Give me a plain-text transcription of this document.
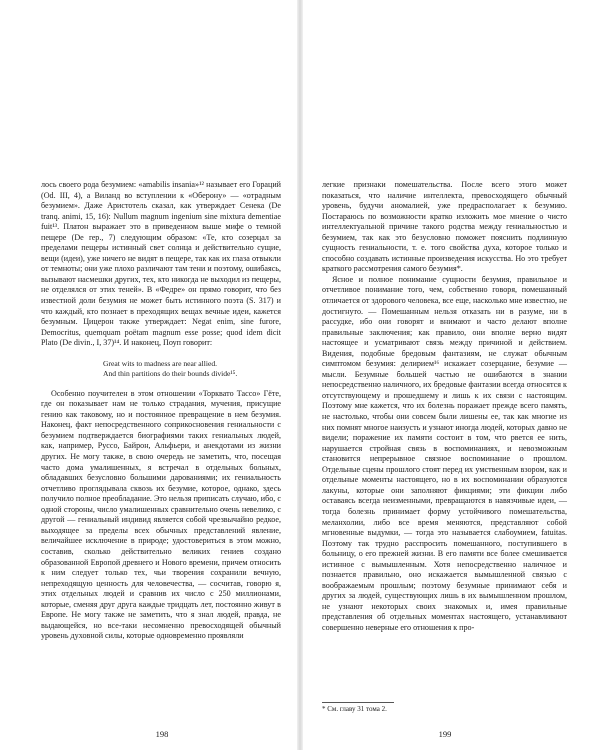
лось своего рода безумием: «amabilis insania»¹² называет его Гораций (Od. III, 4), а Виланд во вступлении к «Оберону» — «отрадным безумием». Даже Аристотель сказал, как утверждает Сенека (De tranq. animi, 15, 16): Nullum magnum ingenium sine mixtura dementiae fuit¹³. Платон выражает это в приведенном выше мифе о темной пещере (De rep., 7) следующим образом: «Те, кто созерцал за пределами пещеры истинный свет солнца и действительно сущие, вещи (идеи), уже ничего не видят в пещере, так как их глаза отвыкли от темноты; они уже плохо различают там тени и поэтому, ошибаясь, вызывают насмешки других, тех, кто никогда не выходил из пещеры, не отделялся от этих теней». В «Федре» он прямо говорит, что без известной доли безумия не может быть истинного поэта (S. 317) и что каждый, кто познает в преходящих вещах вечные идеи, кажется безумным. Цицерон также утверждает: Negat enim, sine furore, Democritus, quemquam poëtam magnum esse posse; quod idem dicit Plato (De divin., I, 37)¹⁴. И наконец, Поуп говорит:

Great wits to madness are near allied.
And thin partitions do their bounds divide¹⁵.

Особенно поучителен в этом отношении «Торквато Тассо» Гёте, где он показывает нам не только страдания, мучения, присущие гению как таковому, но и постоянное превращение в нем безумия. Наконец, факт непосредственного соприкосновения гениальности с безумием подтверждается биографиями таких гениальных людей, как, например, Руссо, Байрон, Альфьери, и анекдотами из жизни других. Не могу также, в свою очередь не заметить, что, посещая часто дома умалишенных, я встречал в отдельных больных, обладавших безусловно большими дарованиями; их гениальность отчетливо проглядывала сквозь их безумие, которое, однако, здесь получило полное преобладание. Это нельзя приписать случаю, ибо, с одной стороны, число умалишенных сравнительно очень невелико, с другой — гениальный индивид является собой чрезвычайно редкое, выходящее за пределы всех обычных представлений явление, величайшее исключение в природе; удостовериться в этом можно, составив, сколько действительно великих гениев создано образованной Европой древнего и Нового времени, причем относить к ним следует только тех, чьи творения сохранили вечную, непреходящую ценность для человечества, — сосчитав, говорю я, этих отдельных людей и сравнив их число с 250 миллионами, которые, сменяя друг друга каждые тридцать лет, постоянно живут в Европе. Не могу также не заметить, что я знал людей, правда, не выдающейся, но все-таки несомненно превосходящей обычный уровень духовной силы, которые одновременно проявляли

198

легкие признаки помешательства. После всего этого может показаться, что наличие интеллекта, превосходящего обычный уровень, будучи аномалией, уже предрасполагает к безумию. Постараюсь по возможности кратко изложить мое мнение о чисто интеллектуальной причине такого родства между гениальностью и безумием, так как это безусловно поможет пояснить подлинную сущность гениальности, т. е. того свойства духа, которое только и способно создавать истинные произведения искусства. Но это требует краткого рассмотрения самого безумия*.

Ясное и полное понимание сущности безумия, правильное и отчетливое понимание того, чем, собственно говоря, помешанный отличается от здорового человека, все еще, насколько мне известно, не достигнуто. — Помешанным нельзя отказать ни в разуме, ни в рассудке, ибо они говорят и внимают и часто делают вполне правильные заключения; как правило, они вполне верно видят настоящее и усматривают связь между причиной и действием. Видения, подобные бредовым фантазиям, не служат обычным симптомом безумия: делирием¹⁶ искажает созерцание, безумие — мысли. Безумные большей частью не ошибаются в знании непосредственно наличного, их бредовые фантазии всегда относятся к отсутствующему и прошедшему и лишь к их связи с настоящим. Поэтому мне кажется, что их болезнь поражает прежде всего память, не настолько, чтобы они совсем были лишены ее, так как многие из них помнят многое наизусть и узнают иногда людей, которых давно не видели; поражение их памяти состоит в том, что рвется ее нить, нарушается стройная связь в воспоминаниях, и невозможным становится непрерывное связное воспоминание о прошлом. Отдельные сцены прошлого стоят перед их умственным взором, как и отдельные моменты настоящего, но в их воспоминании образуются лакуны, которые они заполняют фикциями; эти фикции либо оставаясь всегда неизменными, превращаются в навязчивые идеи, — тогда болезнь принимает форму устойчивого помешательства, меланхолии, либо все время меняются, представляют собой мгновенные выдумки, — тогда это называется слабоумием, fatuitas. Поэтому так трудно расспросить помешанного, поступившего в больницу, о его прежней жизни. В его памяти все более смешивается истинное с вымышленным. Хотя непосредственно наличное и познается правильно, оно искажается вымышленной связью с воображаемым прошлым; поэтому безумные принимают себя и других за людей, существующих лишь в их вымышленном прошлом, не узнают некоторых своих знакомых и, имея правильные представления об отдельных моментах настоящего, устанавливают совершенно неверные его отношения к про-

* См. главу 31 тома 2.
199
